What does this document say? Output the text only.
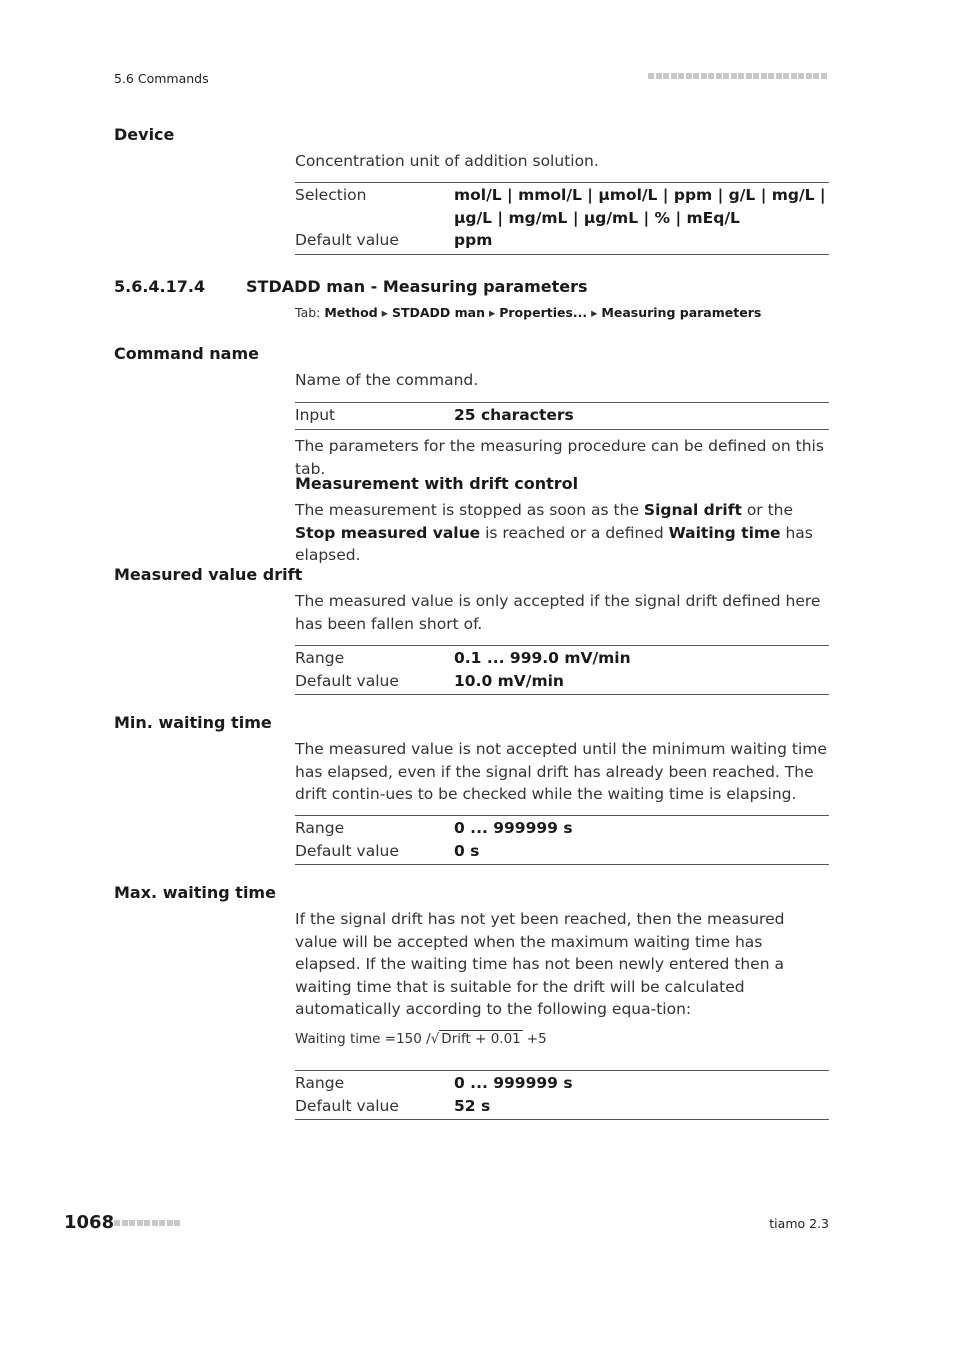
5.6 Commands
Device
Concentration unit of addition solution.
Selection	mol/L | mmol/L | µmol/L | ppm | g/L | mg/L |
µg/L | mg/mL | µg/mL | % | mEq/L
Default value	ppm
5.6.4.17.4	STDADD man - Measuring parameters
Tab: Method ▸ STDADD man ▸ Properties... ▸ Measuring parameters
Command name
Name of the command.
Input	25 characters
The parameters for the measuring procedure can be defined on this tab.
Measurement with drift control
The measurement is stopped as soon as the Signal drift or the Stop measured value is reached or a defined Waiting time has elapsed.
Measured value drift
The measured value is only accepted if the signal drift defined here has been fallen short of.
Range	0.1 ... 999.0 mV/min
Default value	10.0 mV/min
Min. waiting time
The measured value is not accepted until the minimum waiting time has elapsed, even if the signal drift has already been reached. The drift contin-ues to be checked while the waiting time is elapsing.
Range	0 ... 999999 s
Default value	0 s
Max. waiting time
If the signal drift has not yet been reached, then the measured value will be accepted when the maximum waiting time has elapsed. If the waiting time has not been newly entered then a waiting time that is suitable for the drift will be calculated automatically according to the following equa-tion:
Waiting time =150 / √ Drift + 0.01 +5
Range	0 ... 999999 s
Default value	52 s
1068	tiamo 2.3
